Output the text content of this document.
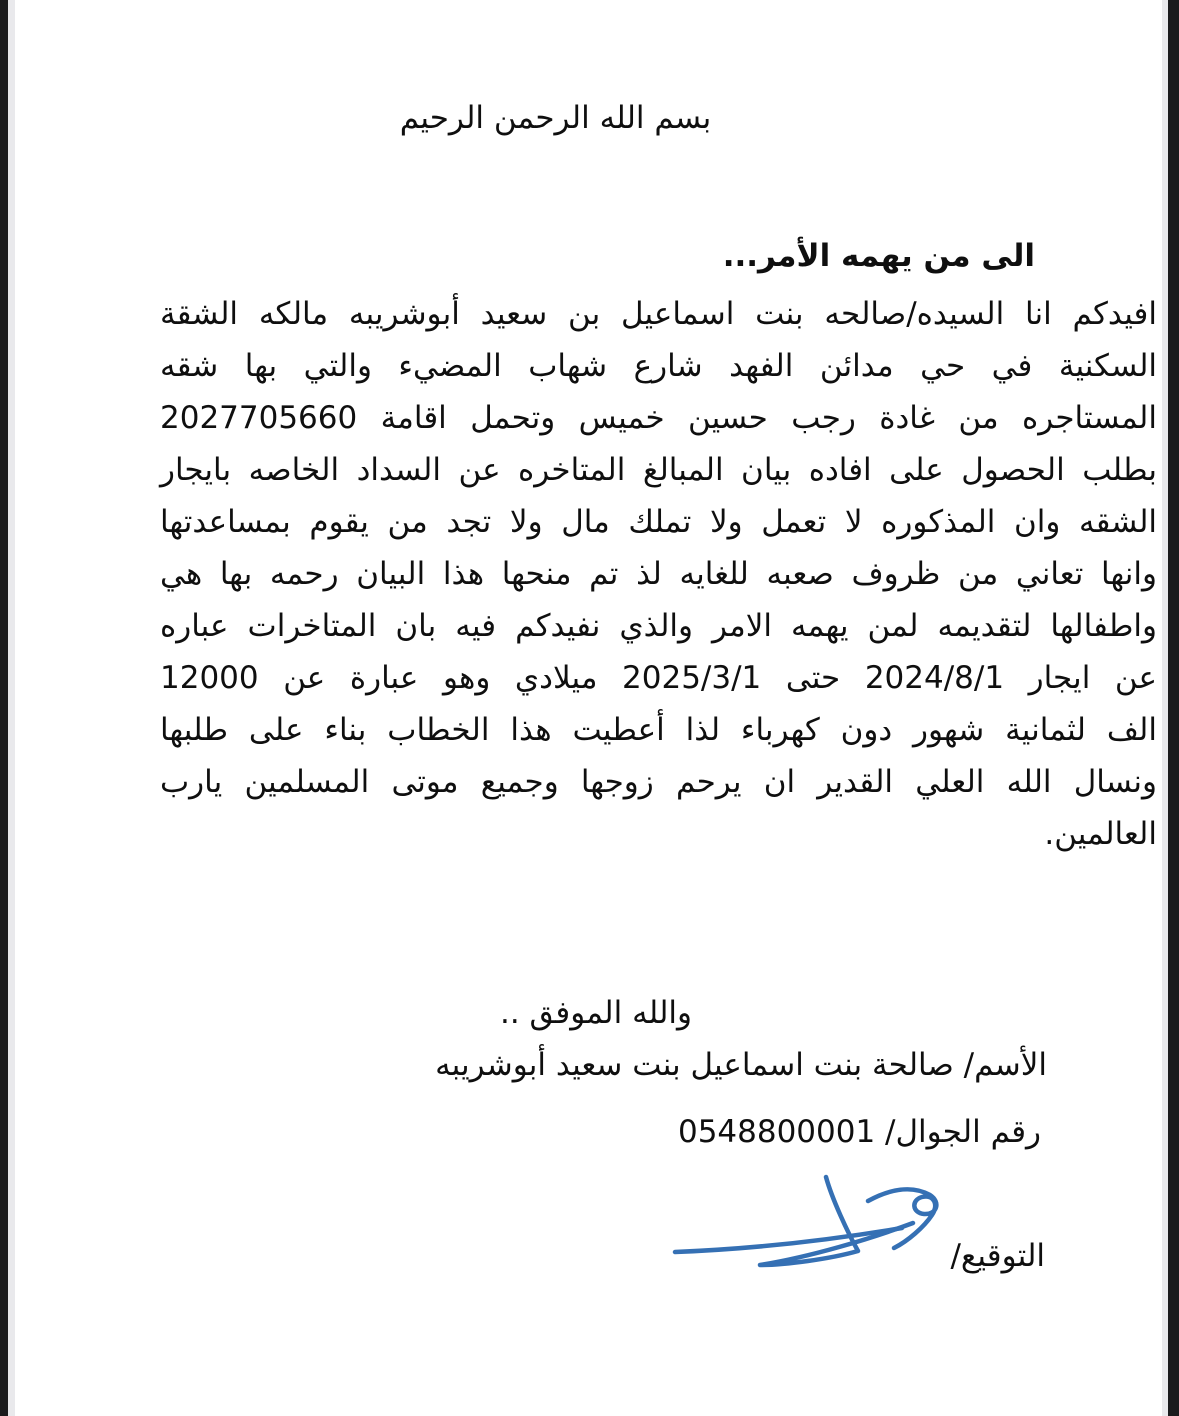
بسم الله الرحمن الرحيم
الى من يهمه الأمر...
افيدكم انا السيده/صالحه بنت اسماعيل بن سعيد أبوشريبه مالكه الشقة
السكنية في حي مدائن الفهد شارع شهاب المضيء والتي بها شقه
المستاجره من غادة رجب حسين خميس وتحمل اقامة 2027705660
بطلب الحصول على افاده بيان المبالغ المتاخره عن السداد الخاصه بايجار
الشقه وان المذكوره لا تعمل ولا تملك مال ولا تجد من يقوم بمساعدتها
وانها تعاني من ظروف صعبه للغايه لذ تم منحها هذا البيان رحمه بها هي
واطفالها لتقديمه لمن يهمه الامر والذي نفيدكم فيه بان المتاخرات عباره
عن ايجار 2024/8/1 حتى 2025/3/1 ميلادي وهو عبارة عن 12000
الف لثمانية شهور دون كهرباء لذا أعطيت هذا الخطاب بناء على طلبها
ونسال الله العلي القدير ان يرحم زوجها وجميع موتى المسلمين يارب
العالمين.
والله الموفق ..
الأسم/ صالحة بنت اسماعيل بنت سعيد أبوشريبه
رقم الجوال/ 0548800001
التوقيع/
